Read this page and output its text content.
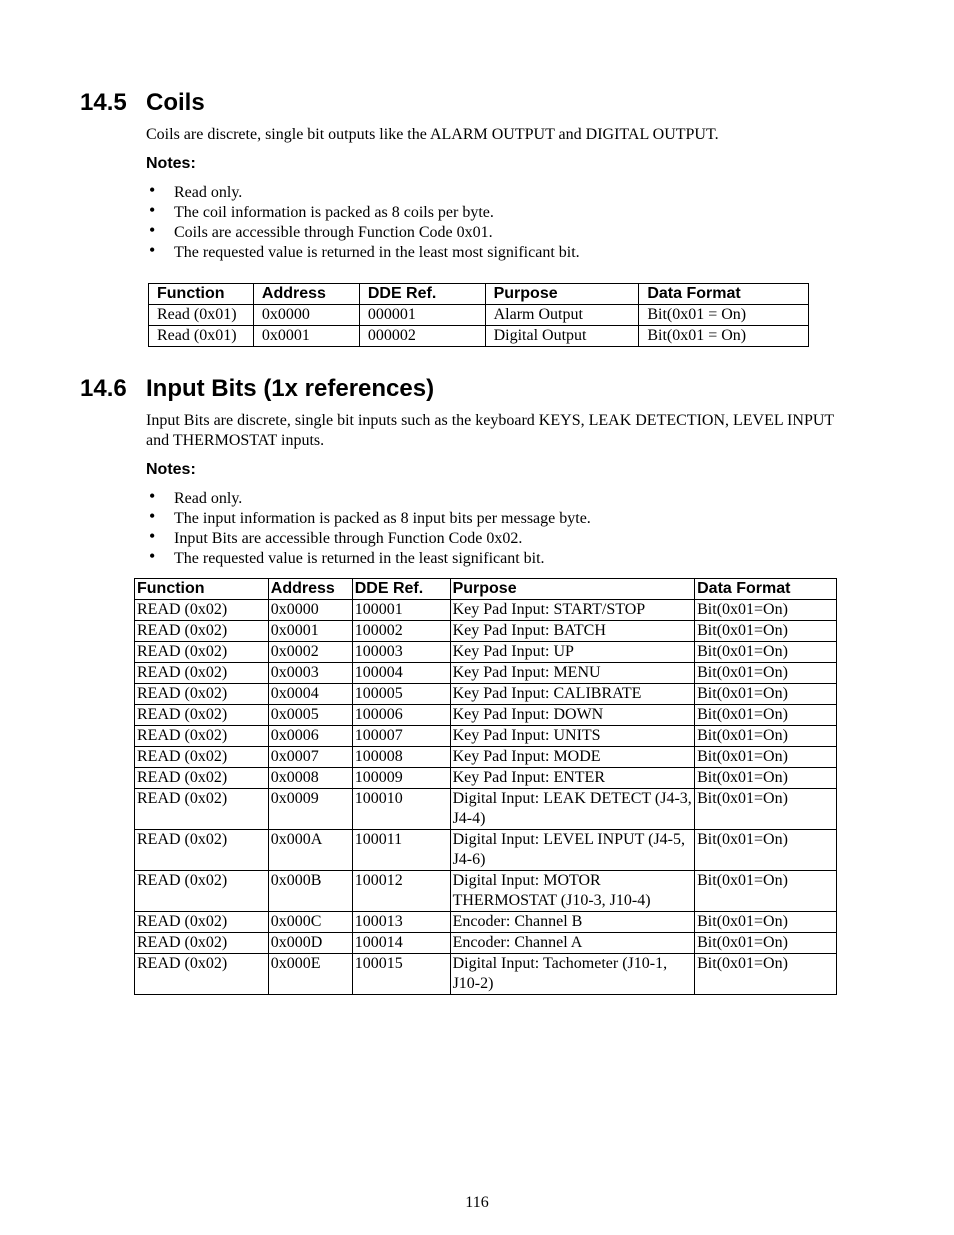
14.5 Coils

Coils are discrete, single bit outputs like the ALARM OUTPUT and DIGITAL OUTPUT.

Notes:

• Read only.
• The coil information is packed as 8 coils per byte.
• Coils are accessible through Function Code 0x01.
• The requested value is returned in the least most significant bit.
Function	Address	DDE Ref.	Purpose	Data Format
Read (0x01)	0x0000	000001	Alarm Output	Bit(0x01 = On)
Read (0x01)	0x0001	000002	Digital Output	Bit(0x01 = On)
14.6 Input Bits (1x references)

Input Bits are discrete, single bit inputs such as the keyboard KEYS, LEAK DETECTION, LEVEL INPUT and THERMOSTAT inputs.

Notes:

• Read only.
• The input information is packed as 8 input bits per message byte.
• Input Bits are accessible through Function Code 0x02.
• The requested value is returned in the least significant bit.
Function	Address	DDE Ref.	Purpose	Data Format
READ (0x02)	0x0000	100001	Key Pad Input: START/STOP	Bit(0x01=On)
READ (0x02)	0x0001	100002	Key Pad Input: BATCH	Bit(0x01=On)
READ (0x02)	0x0002	100003	Key Pad Input: UP	Bit(0x01=On)
READ (0x02)	0x0003	100004	Key Pad Input: MENU	Bit(0x01=On)
READ (0x02)	0x0004	100005	Key Pad Input: CALIBRATE	Bit(0x01=On)
READ (0x02)	0x0005	100006	Key Pad Input: DOWN	Bit(0x01=On)
READ (0x02)	0x0006	100007	Key Pad Input: UNITS	Bit(0x01=On)
READ (0x02)	0x0007	100008	Key Pad Input: MODE	Bit(0x01=On)
READ (0x02)	0x0008	100009	Key Pad Input: ENTER	Bit(0x01=On)
READ (0x02)	0x0009	100010	Digital Input: LEAK DETECT (J4-3, J4-4)	Bit(0x01=On)
READ (0x02)	0x000A	100011	Digital Input: LEVEL INPUT (J4-5, J4-6)	Bit(0x01=On)
READ (0x02)	0x000B	100012	Digital Input: MOTOR THERMOSTAT (J10-3, J10-4)	Bit(0x01=On)
READ (0x02)	0x000C	100013	Encoder: Channel B	Bit(0x01=On)
READ (0x02)	0x000D	100014	Encoder: Channel A	Bit(0x01=On)
READ (0x02)	0x000E	100015	Digital Input: Tachometer (J10-1, J10-2)	Bit(0x01=On)
116
